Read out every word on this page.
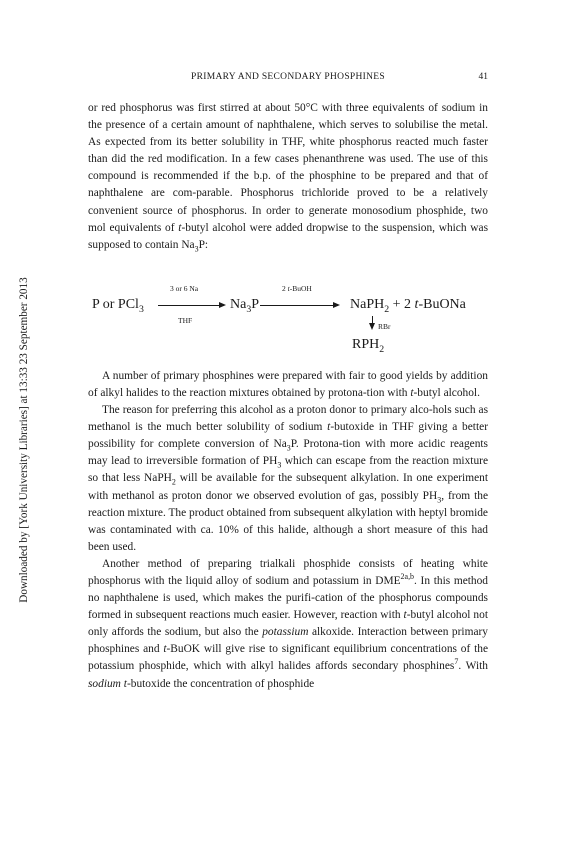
Downloaded by [York University Libraries] at 13:33 23 September 2013
PRIMARY AND SECONDARY PHOSPHINES	41

or red phosphorus was first stirred at about 50°C with three equivalents of sodium in the presence of a certain amount of naphthalene, which serves to solubilise the metal. As expected from its better solubility in THF, white phosphorus reacted much faster than did the red modification. In a few cases phenanthrene was used. The use of this compound is recommended if the b.p. of the phosphine to be prepared and that of naphthalene are com-parable. Phosphorus trichloride proved to be a relatively convenient source of phosphorus. In order to generate monosodium phosphide, two mol equivalents of t-butyl alcohol were added dropwise to the suspension, which was supposed to contain $Na_3P$:

P or PCl$_3$
3 or 6 Na
THF
$Na_3P$
2 t-BuOH
NaPH$_2$ + 2 t-BuONa
RBr
$RPH_2$

A number of primary phosphines were prepared with fair to good yields by addition of alkyl halides to the reaction mixtures obtained by protona-tion with t-butyl alcohol.

The reason for preferring this alcohol as a proton donor to primary alco-hols such as methanol is the much better solubility of sodium t-butoxide in THF giving a better possibility for complete conversion of $Na_3P$. Protona-tion with more acidic reagents may lead to irreversible formation of $PH_3$ which can escape from the reaction mixture so that less NaPH$_2$ will be available for the subsequent alkylation. In one experiment with methanol as proton donor we observed evolution of gas, possibly $PH_3$, from the reaction mixture. The product obtained from subsequent alkylation with heptyl bromide was contaminated with ca. 10% of this halide, although a short measure of this had been used.

Another method of preparing trialkali phosphide consists of heating white phosphorus with the liquid alloy of sodium and potassium in $DME^{2a,b}$. In this method no naphthalene is used, which makes the purifi-cation of the phosphorus compounds formed in subsequent reactions much easier. However, reaction with t-butyl alcohol not only affords the sodium, but also the potassium alkoxide. Interaction between primary phosphines and t-BuOK will give rise to significant equilibrium concentrations of the potassium phosphide, which with alkyl halides affords secondary phosphines$^7$. With sodium t-butoxide the concentration of phosphide
